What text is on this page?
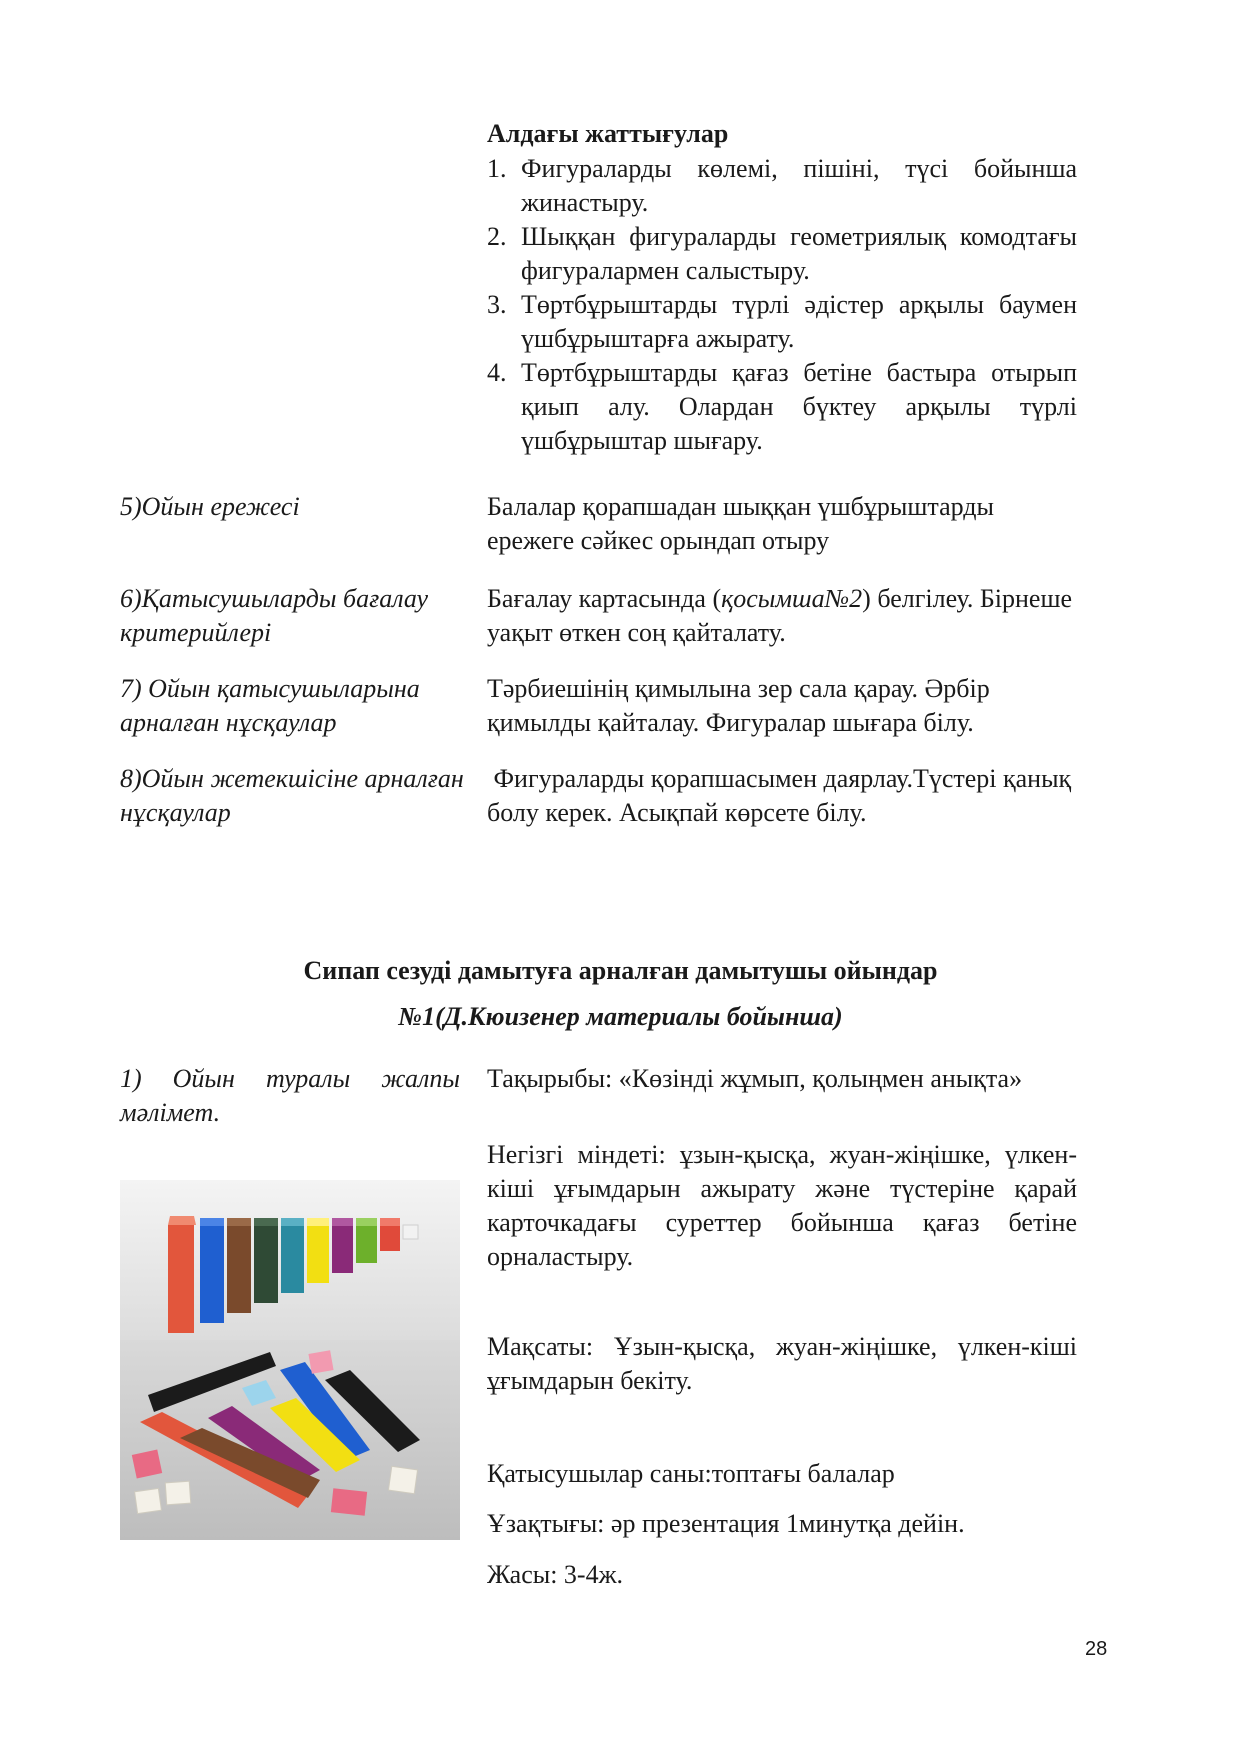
Алдағы жаттығулар
1. Фигураларды көлемі, пішіні, түсі бойынша жинастыру.
2. Шыққан фигураларды геометриялық комодтағы фигуралармен салыстыру.
3. Төртбұрыштарды түрлі әдістер арқылы баумен үшбұрыштарға ажырату.
4. Төртбұрыштарды қағаз бетіне бастыра отырып қиып алу. Олардан бүктеу арқылы түрлі үшбұрыштар шығару.
5)Ойын ережесі	Балалар қорапшадан шыққан үшбұрыштарды ережеге сәйкес орындап отыру
6)Қатысушыларды бағалау критерийлері
Бағалау картасында (қосымша№2) белгілеу. Бірнеше уақыт өткен соң қайталату.
7) Ойын қатысушыларына арналған нұсқаулар
Тәрбиешінің қимылына зер сала қарау. Әрбір қимылды қайталау. Фигуралар шығара білу.
8)Ойын жетекшісіне арналған нұсқаулар
Фигураларды қорапшасымен даярлау.Түстері қанық болу керек. Асықпай көрсете білу.
Сипап сезуді дамытуға арналған дамытушы ойындар
№1(Д.Кюизенер материалы бойынша)
1) Ойын туралы жалпы мәлімет.
Тақырыбы: «Көзінді жұмып, қолыңмен анықта»
Негізгі міндеті: ұзын-қысқа, жуан-жіңішке, үлкен-кіші ұғымдарын ажырату және түстеріне қарай карточкадағы суреттер бойынша қағаз бетіне орналастыру.
Мақсаты: Ұзын-қысқа, жуан-жіңішке, үлкен-кіші ұғымдарын бекіту.
Қатысушылар саны:топтағы балалар
Ұзақтығы: әр презентация 1минутқа дейін.
Жасы: 3-4ж.
28
